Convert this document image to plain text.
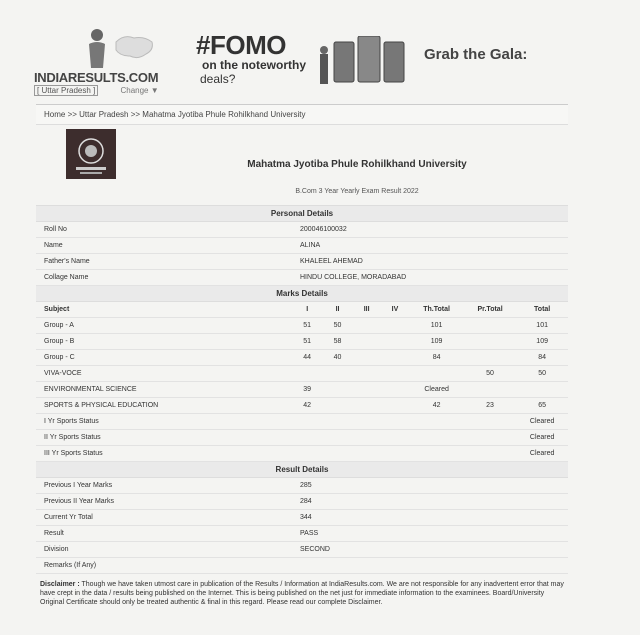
INDIARESULTS.COM
[ Uttar Pradesh ]	Change ▼
#FOMO
on the noteworthy
deals?
Grab the Gala:
Home >> Uttar Pradesh >> Mahatma Jyotiba Phule Rohilkhand University
Mahatma Jyotiba Phule Rohilkhand University
B.Com 3 Year Yearly Exam Result 2022
Personal Details
Roll No	200046100032
Name	ALINA
Father's Name	KHALEEL AHEMAD
Collage Name	HINDU COLLEGE, MORADABAD
Marks Details
Subject	I	II	III	IV	Th.Total	Pr.Total	Total
Group - A	51	50			101		101
Group - B	51	58			109		109
Group - C	44	40			84		84
VIVA-VOCE						50	50
ENVIRONMENTAL SCIENCE	39				Cleared		
SPORTS & PHYSICAL EDUCATION	42				42	23	65
I Yr Sports Status							Cleared
II Yr Sports Status							Cleared
III Yr Sports Status							Cleared
Result Details
Previous I Year Marks	285
Previous II Year Marks	284
Current Yr Total	344
Result	PASS
Division	SECOND
Remarks (If Any)	
Disclaimer : Though we have taken utmost care in publication of the Results / Information at IndiaResults.com. We are not responsible for any inadvertent error that may have crept in the data / results being published on the Internet. This is being published on the net just for immediate information to the examinees. Board/University Original Certificate should only be treated authentic & final in this regard. Please read our complete Disclaimer.
